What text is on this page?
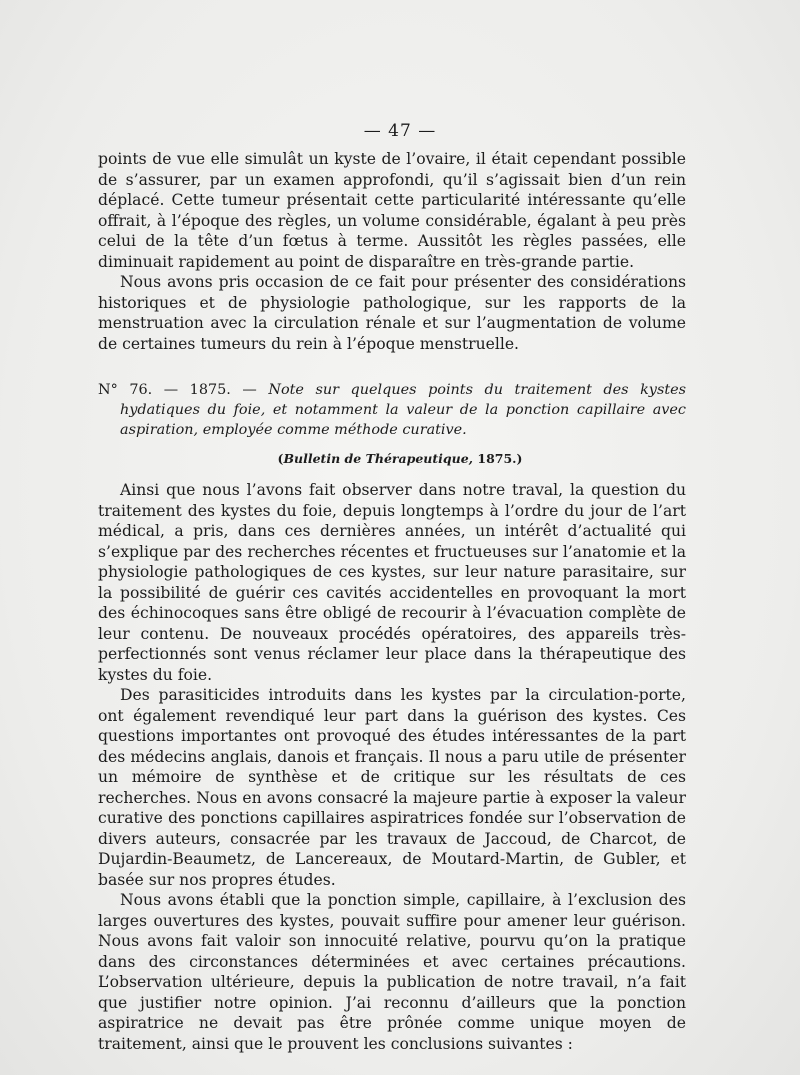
— 47 —

points de vue elle simulât un kyste de l’ovaire, il était cependant possible de s’assurer, par un examen approfondi, qu’il s’agissait bien d’un rein déplacé. Cette tumeur présentait cette particularité intéressante qu’elle offrait, à l’époque des règles, un volume considérable, égalant à peu près celui de la tête d’un fœtus à terme. Aussitôt les règles passées, elle diminuait rapidement au point de disparaître en très-grande partie.

Nous avons pris occasion de ce fait pour présenter des considérations historiques et de physiologie pathologique, sur les rapports de la menstruation avec la circulation rénale et sur l’augmentation de volume de certaines tumeurs du rein à l’époque menstruelle.

N° 76. — 1875. — Note sur quelques points du traitement des kystes hydatiques du foie, et notamment la valeur de la ponction capillaire avec aspiration, employée comme méthode curative.
(Bulletin de Thérapeutique, 1875.)

Ainsi que nous l’avons fait observer dans notre traval, la question du traitement des kystes du foie, depuis longtemps à l’ordre du jour de l’art médical, a pris, dans ces dernières années, un intérêt d’actualité qui s’explique par des recherches récentes et fructueuses sur l’anatomie et la physiologie pathologiques de ces kystes, sur leur nature parasitaire, sur la possibilité de guérir ces cavités accidentelles en provoquant la mort des échinocoques sans être obligé de recourir à l’évacuation complète de leur contenu. De nouveaux procédés opératoires, des appareils très-perfectionnés sont venus réclamer leur place dans la thérapeutique des kystes du foie.

Des parasiticides introduits dans les kystes par la circulation-porte, ont également revendiqué leur part dans la guérison des kystes. Ces questions importantes ont provoqué des études intéressantes de la part des médecins anglais, danois et français. Il nous a paru utile de présenter un mémoire de synthèse et de critique sur les résultats de ces recherches. Nous en avons consacré la majeure partie à exposer la valeur curative des ponctions capillaires aspiratrices fondée sur l’observation de divers auteurs, consacrée par les travaux de Jaccoud, de Charcot, de Dujardin-Beaumetz, de Lancereaux, de Moutard-Martin, de Gubler, et basée sur nos propres études.

Nous avons établi que la ponction simple, capillaire, à l’exclusion des larges ouvertures des kystes, pouvait suffire pour amener leur guérison. Nous avons fait valoir son innocuité relative, pourvu qu’on la pratique dans des circonstances déterminées et avec certaines précautions. L’observation ultérieure, depuis la publication de notre travail, n’a fait que justifier notre opinion. J’ai reconnu d’ailleurs que la ponction aspiratrice ne devait pas être prônée comme unique moyen de traitement, ainsi que le prouvent les conclusions suivantes :
